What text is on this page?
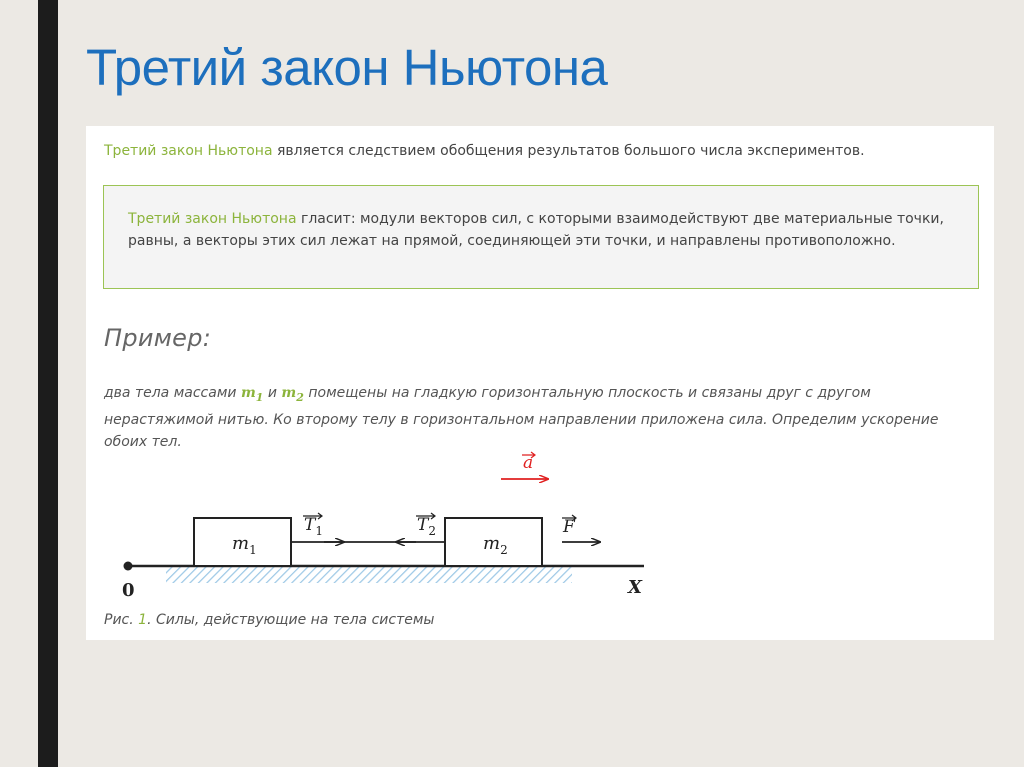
Третий закон Ньютона
Третий закон Ньютона является следствием обобщения результатов большого числа экспериментов.
Третий закон Ньютона гласит: модули векторов сил, с которыми взаимодействуют две материальные точки, равны, а векторы этих сил лежат на прямой, соединяющей эти точки, и направлены противоположно.
Пример:
два тела массами $m_1$ и $m_2$ помещены на гладкую горизонтальную плоскость и связаны друг с другом нерастяжимой нитью. Ко второму телу в горизонтальном направлении приложена сила. Определим ускорение обоих тел.
0	X
$m_1$	$m_2$
$T_1$	$T_2$	F
a
Рис. 1. Силы, действующие на тела системы
